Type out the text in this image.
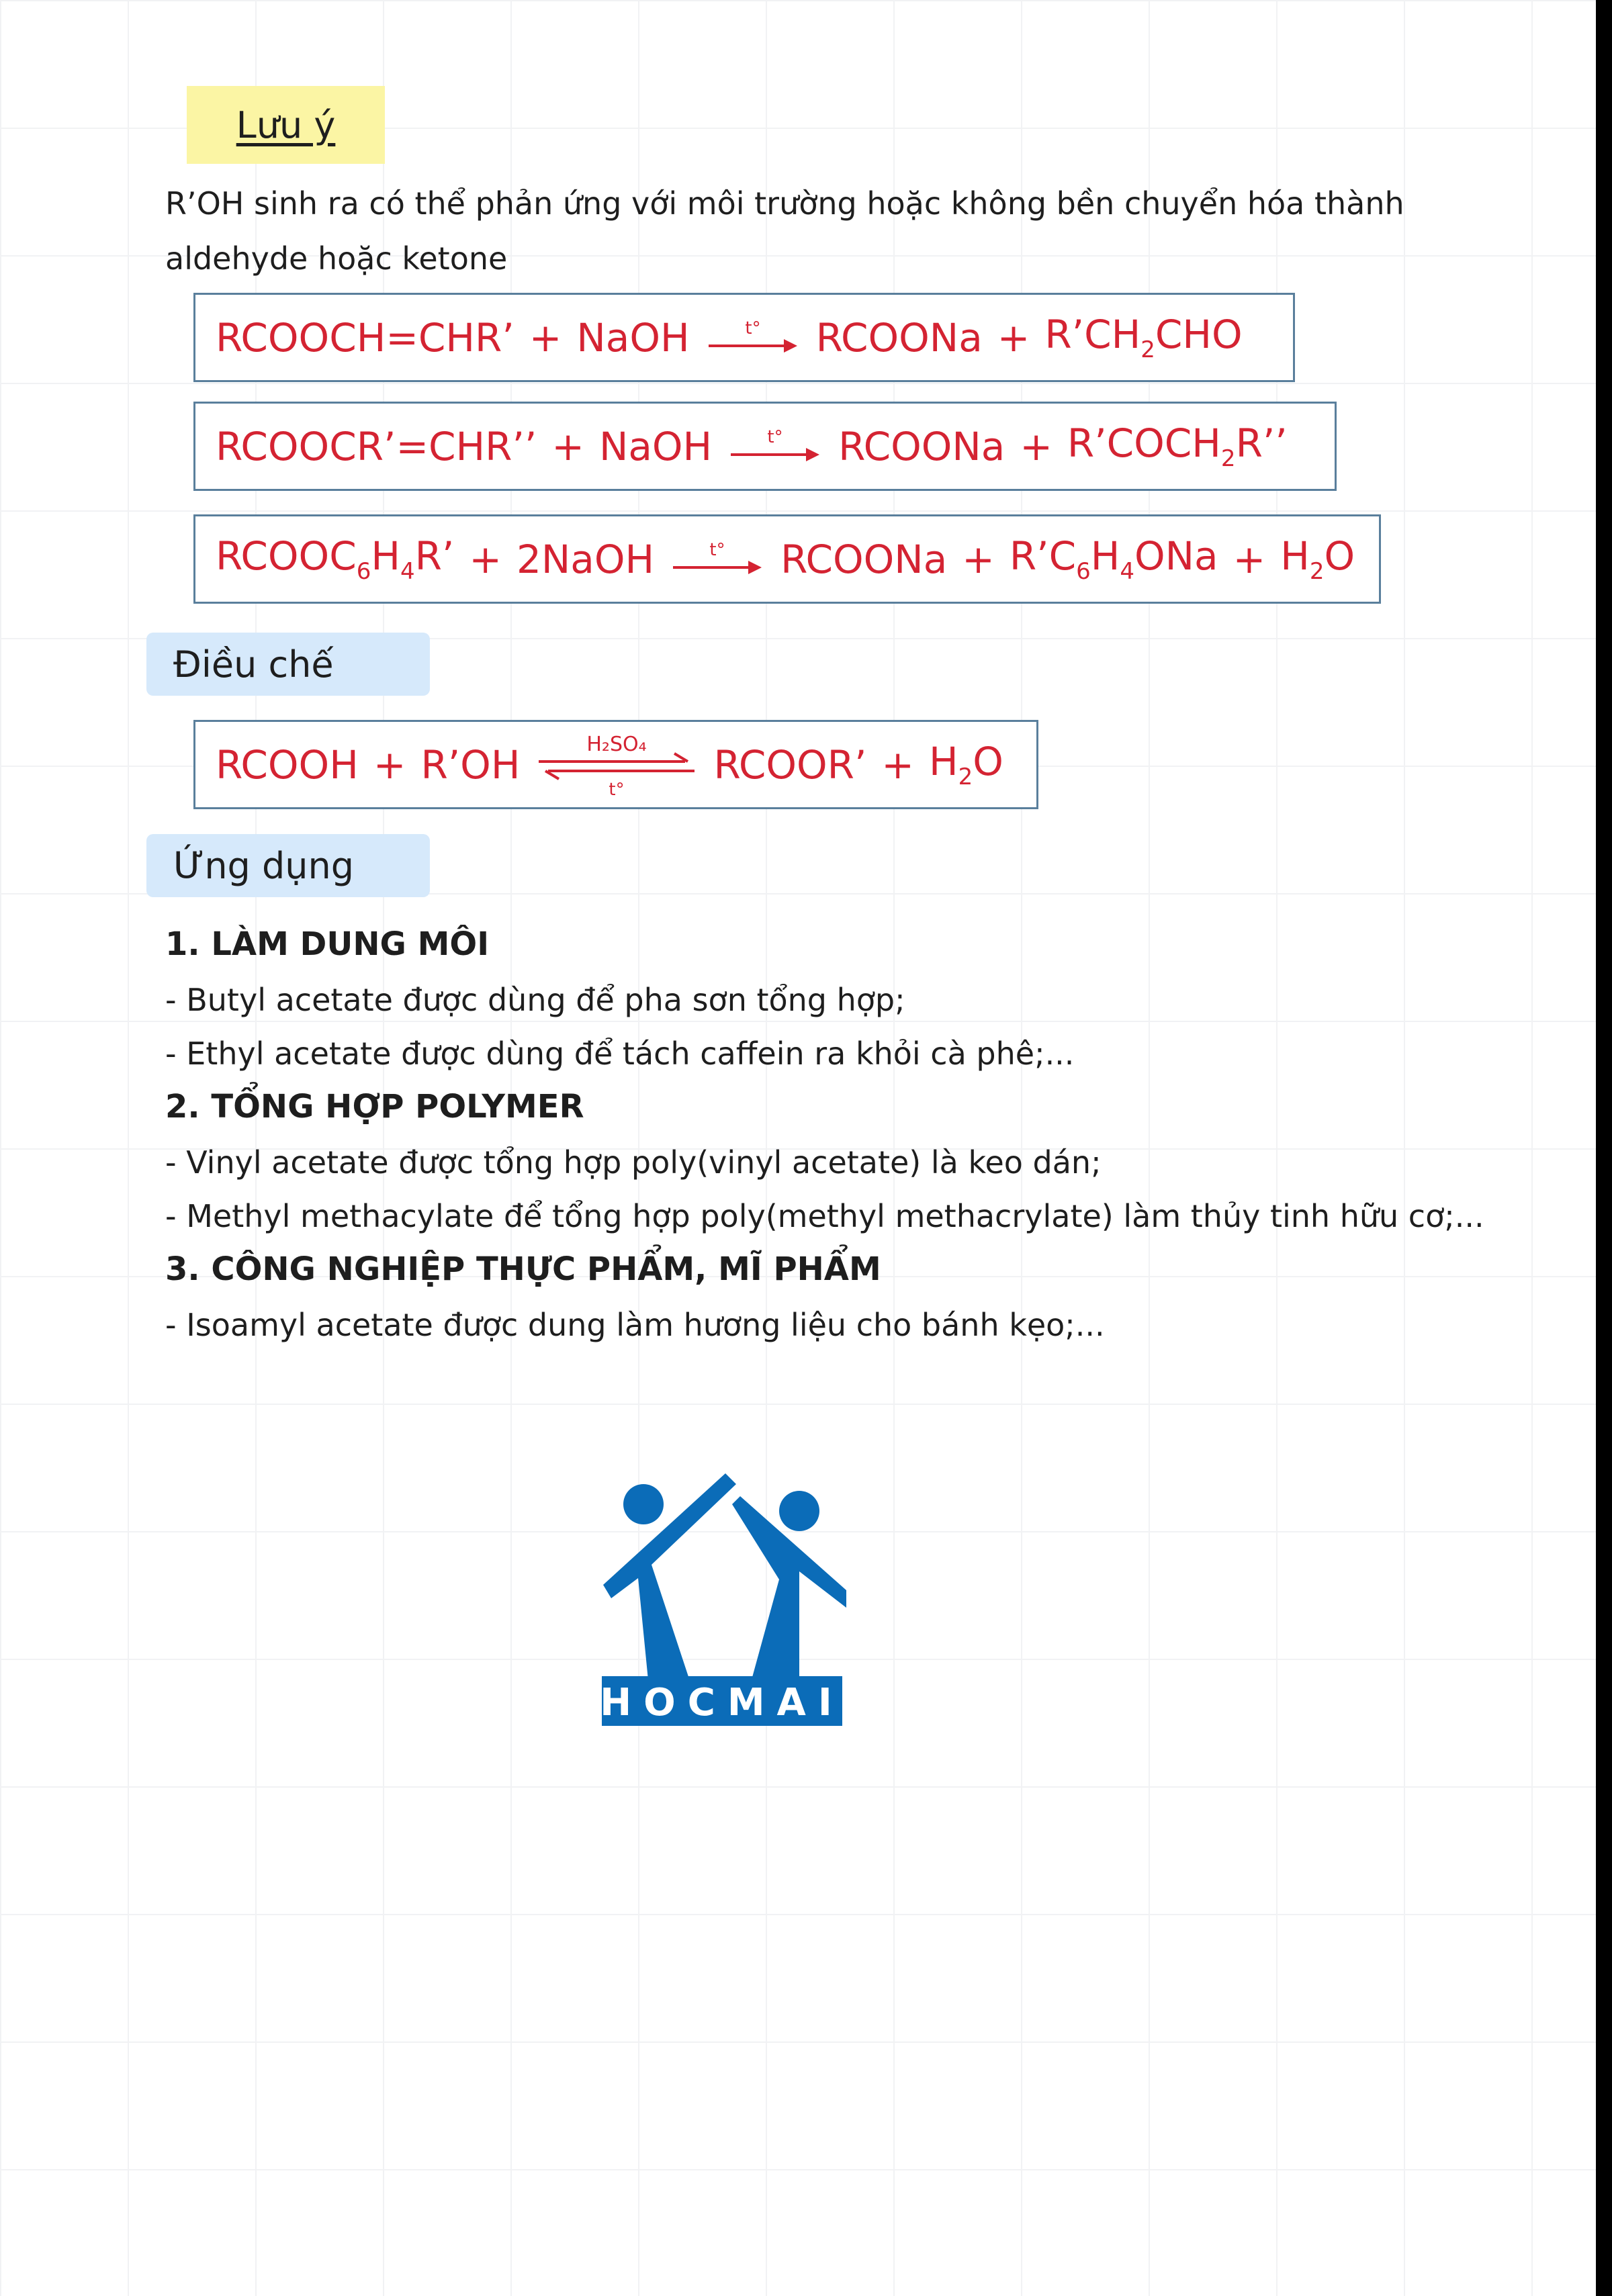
Lưu ý
R’OH sinh ra có thể phản ứng với môi trường hoặc không bền chuyển hóa thành aldehyde hoặc ketone
RCOOCH=CHR’ + NaOH	t° RCOONa + $R’CH_2CHO$
RCOOCR’=CHR’’ + NaOH	t° RCOONa + $R’COCH_2R$’’
$RCOOC_6H_4R$’ + 2NaOH	t° RCOONa + $R’C_6H_4ONa + H_2O$
Điều chế
RCOOH + R’OH	H₂SO₄
t°
RCOOR’ + $H_2O$
Ứng dụng
1. LÀM DUNG MÔI
- Butyl acetate được dùng để pha sơn tổng hợp;
- Ethyl acetate được dùng để tách caffein ra khỏi cà phê;...
2. TỔNG HỢP POLYMER
- Vinyl acetate được tổng hợp poly(vinyl acetate) là keo dán;
- Methyl methacylate để tổng hợp poly(methyl methacrylate) làm thủy tinh hữu cơ;...
3. CÔNG NGHIỆP THỰC PHẨM, MĨ PHẨM
- Isoamyl acetate được dung làm hương liệu cho bánh kẹo;...
HOCMAI
